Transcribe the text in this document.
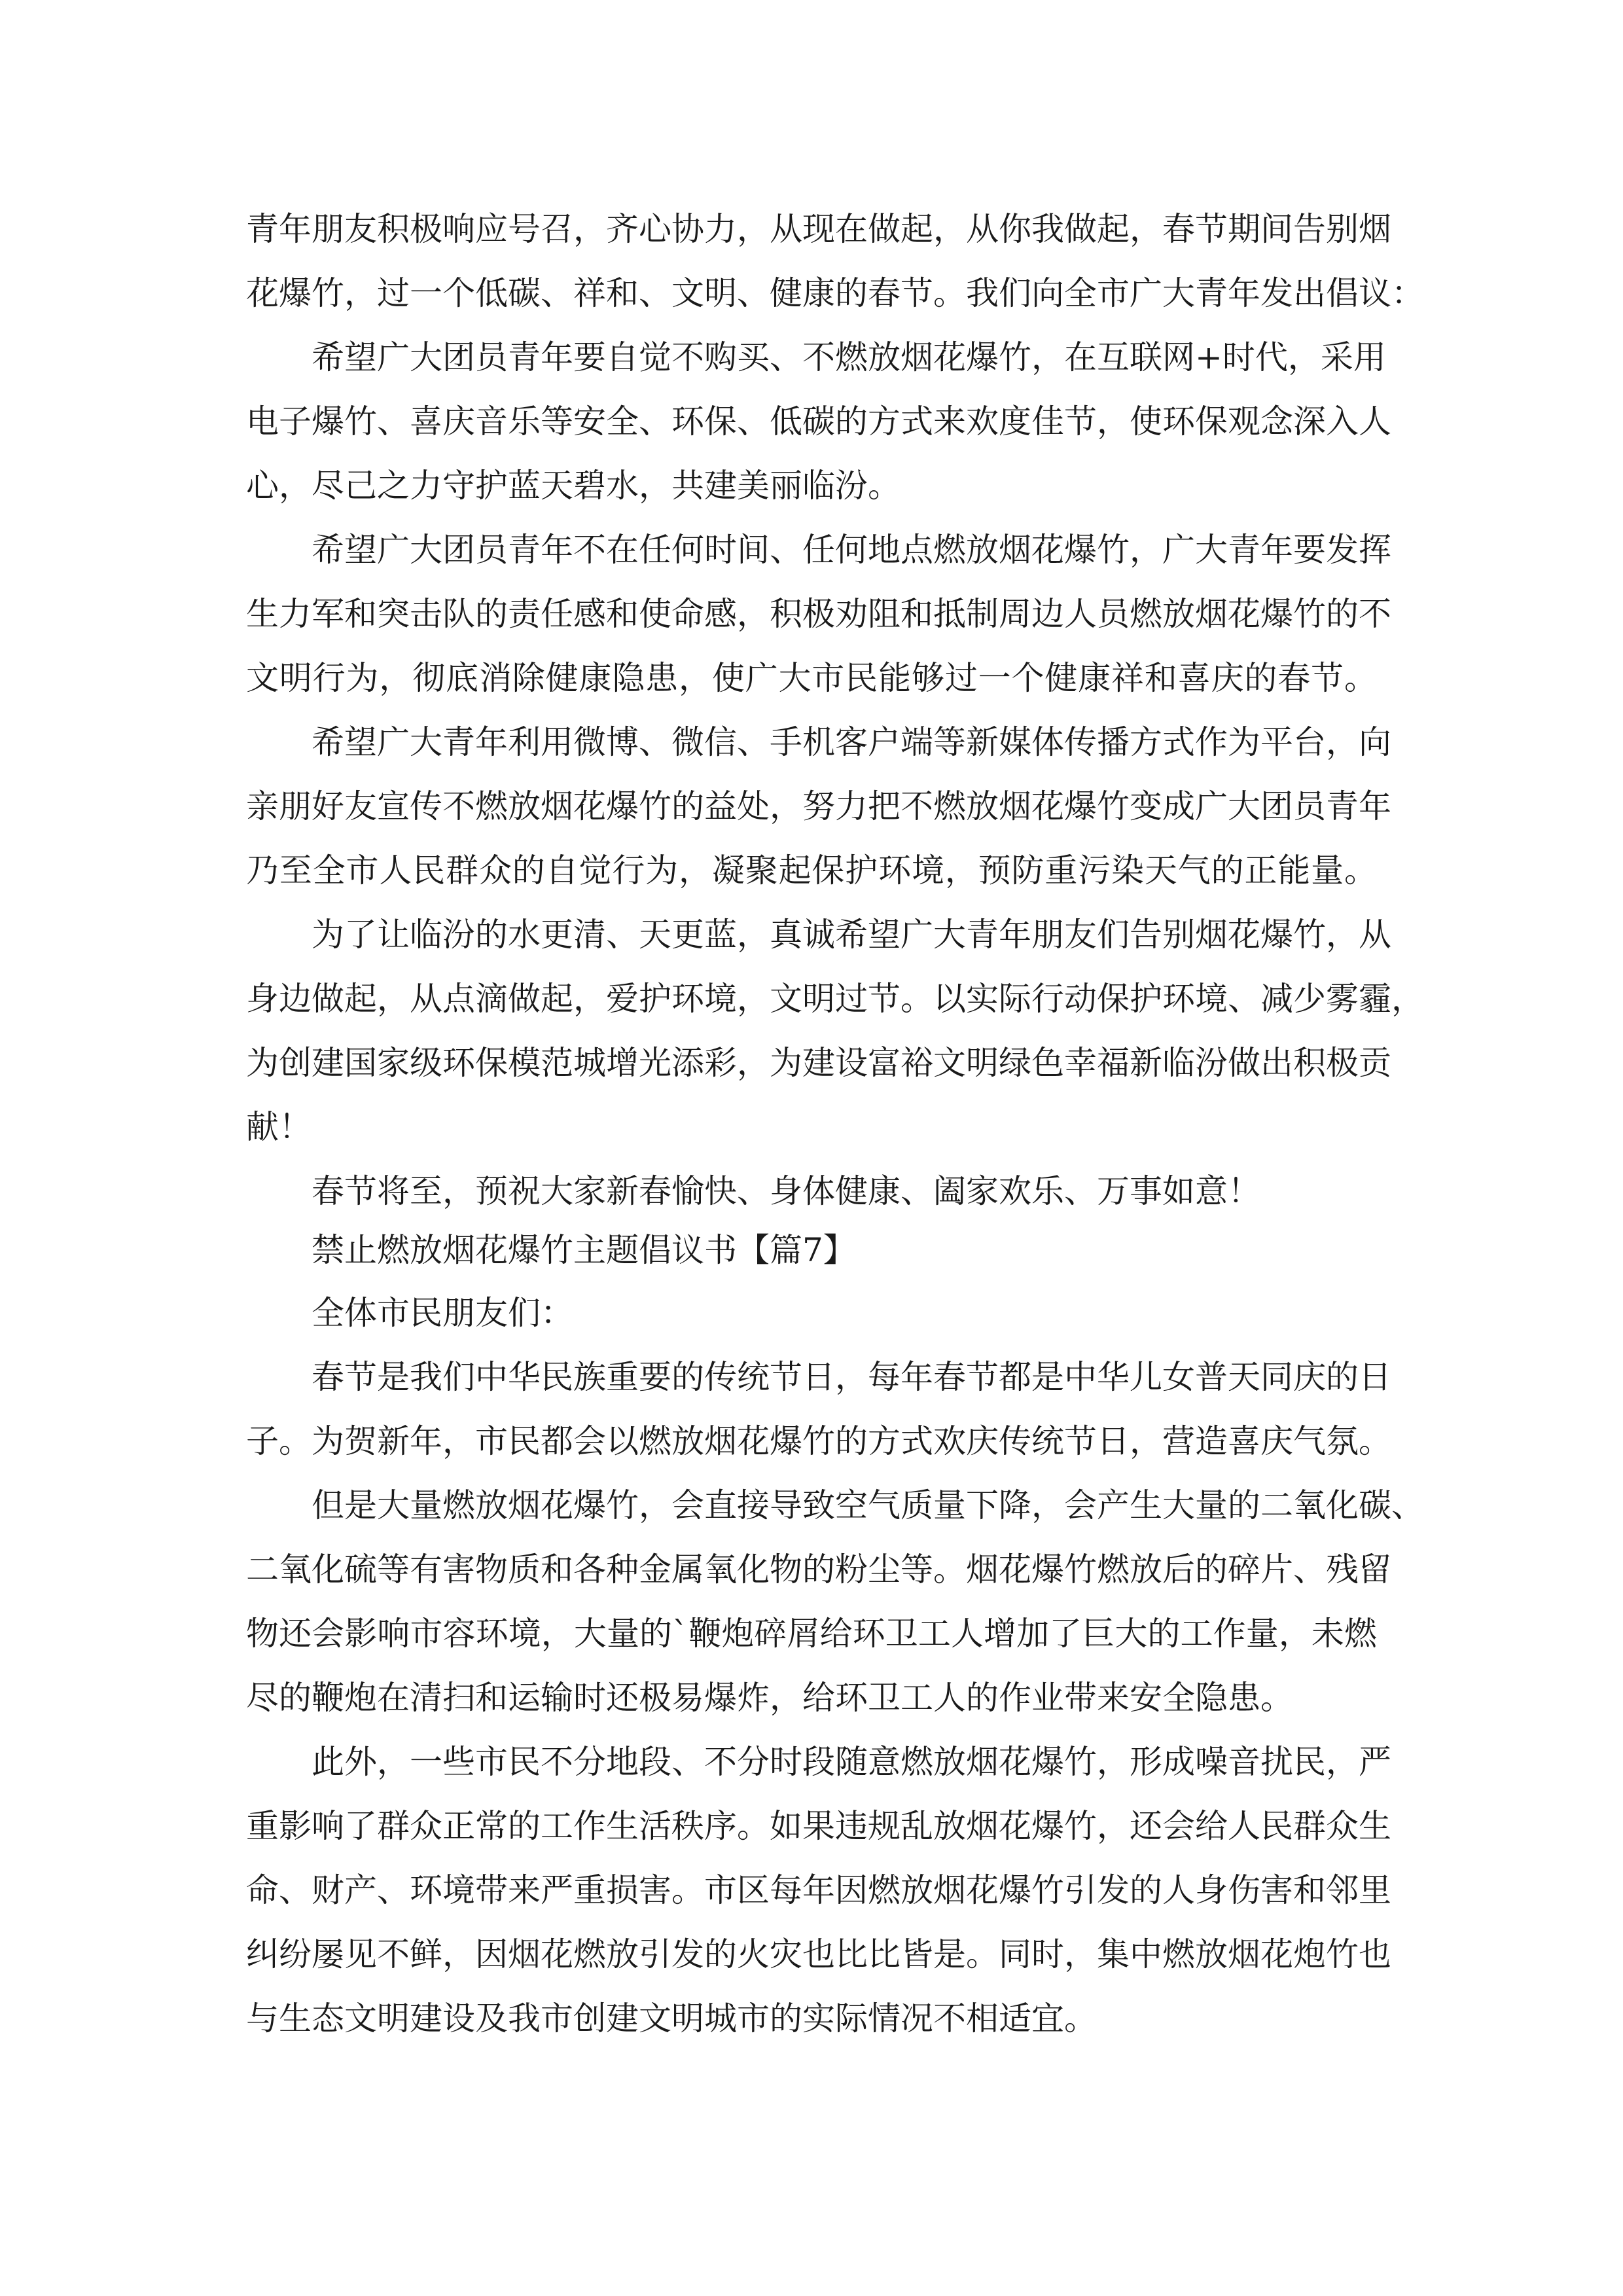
青年朋友积极响应号召，齐心协力，从现在做起，从你我做起，春节期间告别烟
花爆竹，过一个低碳、祥和、文明、健康的春节。我们向全市广大青年发出倡议：
希望广大团员青年要自觉不购买、不燃放烟花爆竹，在互联网+时代，采用
电子爆竹、喜庆音乐等安全、环保、低碳的方式来欢度佳节，使环保观念深入人
心，尽己之力守护蓝天碧水，共建美丽临汾。
希望广大团员青年不在任何时间、任何地点燃放烟花爆竹，广大青年要发挥
生力军和突击队的责任感和使命感，积极劝阻和抵制周边人员燃放烟花爆竹的不
文明行为，彻底消除健康隐患，使广大市民能够过一个健康祥和喜庆的春节。
希望广大青年利用微博、微信、手机客户端等新媒体传播方式作为平台，向
亲朋好友宣传不燃放烟花爆竹的益处，努力把不燃放烟花爆竹变成广大团员青年
乃至全市人民群众的自觉行为，凝聚起保护环境，预防重污染天气的正能量。
为了让临汾的水更清、天更蓝，真诚希望广大青年朋友们告别烟花爆竹，从
身边做起，从点滴做起，爱护环境，文明过节。以实际行动保护环境、减少雾霾，
为创建国家级环保模范城增光添彩，为建设富裕文明绿色幸福新临汾做出积极贡
献！
春节将至，预祝大家新春愉快、身体健康、阖家欢乐、万事如意！
禁止燃放烟花爆竹主题倡议书【篇7】
全体市民朋友们：
春节是我们中华民族重要的传统节日，每年春节都是中华儿女普天同庆的日
子。为贺新年，市民都会以燃放烟花爆竹的方式欢庆传统节日，营造喜庆气氛。
但是大量燃放烟花爆竹，会直接导致空气质量下降，会产生大量的二氧化碳、
二氧化硫等有害物质和各种金属氧化物的粉尘等。烟花爆竹燃放后的碎片、残留
物还会影响市容环境，大量的`鞭炮碎屑给环卫工人增加了巨大的工作量，未燃
尽的鞭炮在清扫和运输时还极易爆炸，给环卫工人的作业带来安全隐患。
此外，一些市民不分地段、不分时段随意燃放烟花爆竹，形成噪音扰民，严
重影响了群众正常的工作生活秩序。如果违规乱放烟花爆竹，还会给人民群众生
命、财产、环境带来严重损害。市区每年因燃放烟花爆竹引发的人身伤害和邻里
纠纷屡见不鲜，因烟花燃放引发的火灾也比比皆是。同时，集中燃放烟花炮竹也
与生态文明建设及我市创建文明城市的实际情况不相适宜。
